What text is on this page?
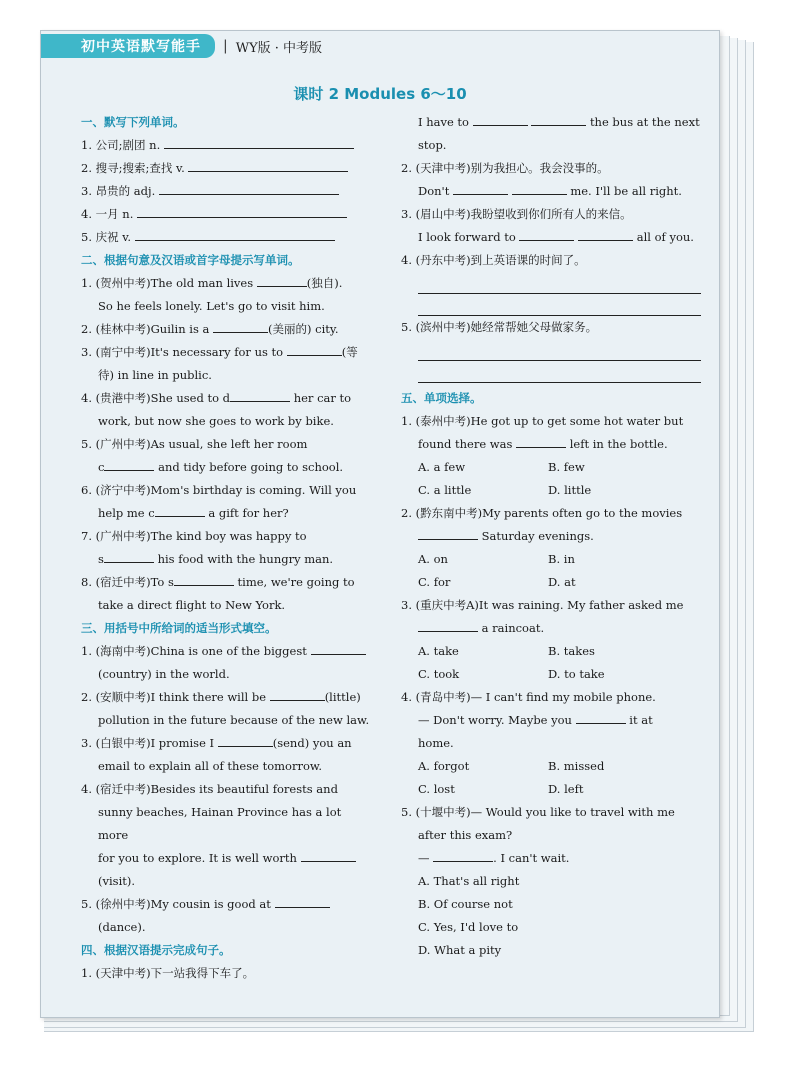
初中英语默写能手	| WY版 · 中考版
课时 2 Modules 6～10
一、默写下列单词。
1. 公司;剧团 n.
2. 搜寻;搜索;查找 v.
3. 昂贵的 adj.
4. 一月 n.
5. 庆祝 v.
二、根据句意及汉语或首字母提示写单词。
1. (贺州中考)The old man lives	(独自).
So he feels lonely. Let's go to visit him.
2. (桂林中考)Guilin is a	(美丽的) city.
3. (南宁中考)It's necessary for us to	(等
待) in line in public.
4. (贵港中考)She used to d	her car to
work, but now she goes to work by bike.
5. (广州中考)As usual, she left her room
c	and tidy before going to school.
6. (济宁中考)Mom's birthday is coming. Will you
help me c	a gift for her?
7. (广州中考)The kind boy was happy to
s	his food with the hungry man.
8. (宿迁中考)To s	time, we're going to
take a direct flight to New York.
三、用括号中所给词的适当形式填空。
1. (海南中考)China is one of the biggest
(country) in the world.
2. (安顺中考)I think there will be	(little)
pollution in the future because of the new law.
3. (白银中考)I promise I	(send) you an
email to explain all of these tomorrow.
4. (宿迁中考)Besides its beautiful forests and
sunny beaches, Hainan Province has a lot more
for you to explore. It is well worth
(visit).
5. (徐州中考)My cousin is good at
(dance).
四、根据汉语提示完成句子。
1. (天津中考)下一站我得下车了。
I have to	the bus at the next
stop.
2. (天津中考)别为我担心。我会没事的。
Don't	me. I'll be all right.
3. (眉山中考)我盼望收到你们所有人的来信。
I look forward to	all of you.
4. (丹东中考)到上英语课的时间了。
5. (滨州中考)她经常帮她父母做家务。
五、单项选择。
1. (泰州中考)He got up to get some hot water but
found there was	left in the bottle.
A. a few	B. few
C. a little	D. little
2. (黔东南中考)My parents often go to the movies
Saturday evenings.
A. on	B. in
C. for	D. at
3. (重庆中考A)It was raining. My father asked me
a raincoat.
A. take	B. takes
C. took	D. to take
4. (青岛中考)— I can't find my mobile phone.
— Don't worry. Maybe you	it at
home.
A. forgot	B. missed
C. lost	D. left
5. (十堰中考)— Would you like to travel with me
after this exam?
—	. I can't wait.
A. That's all right
B. Of course not
C. Yes, I'd love to
D. What a pity
